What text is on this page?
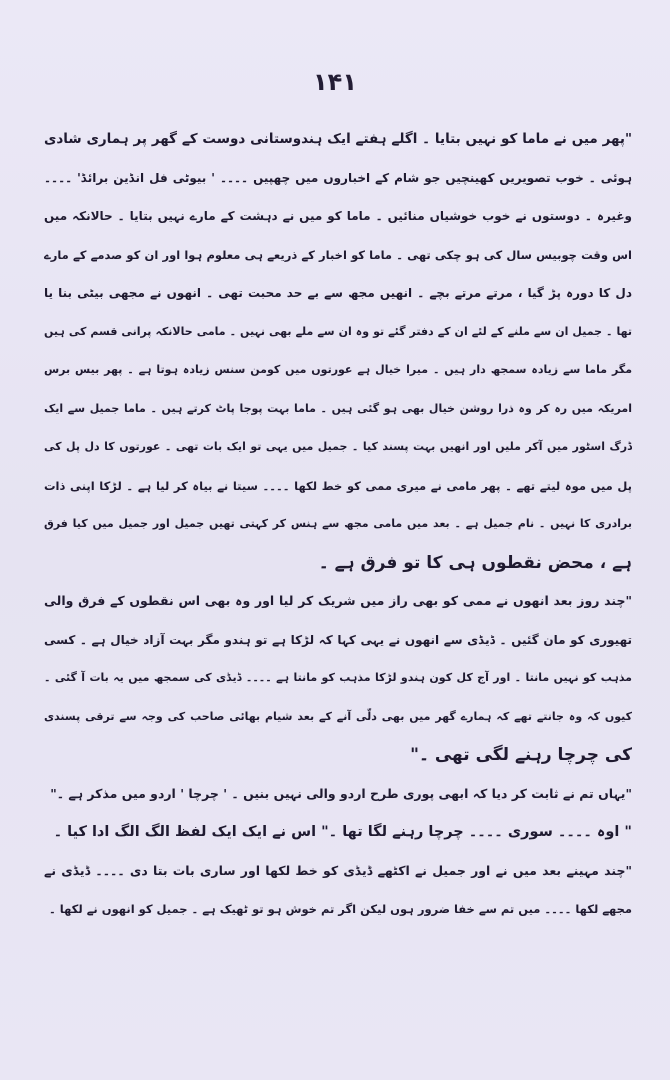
۱۴۱
"پھر میں نے ماما کو نہیں بتایا ۔ اگلے ہفتے ایک ہندوستانی دوست کے گھر پر ہماری شادی
ہوئی ۔ خوب تصویریں کھینچیں جو شام کے اخباروں میں چھپیں ۔۔۔۔ ' بیوٹی فل انڈین برائڈ' ۔۔۔۔
وغیرہ ۔ دوستوں نے خوب خوشیاں منائیں ۔ ماما کو میں نے دہشت کے مارے نہیں بتایا ۔ حالانکہ میں
اس وقت چوبیس سال کی ہو چکی تھی ۔ ماما کو اخبار کے ذریعے ہی معلوم ہوا اور ان کو صدمے کے مارے
دل کا دورہ پڑ گیا ، مرتے مرتے بچے ۔ انھیں مجھ سے بے حد محبت تھی ۔ انھوں نے مجھی بیٹی بنا یا
تھا ۔ جمیل ان سے ملنے کے لئے ان کے دفتر گئے تو وہ ان سے ملے بھی نہیں ۔ مامی حالانکہ پرانی قسم کی ہیں
مگر ماما سے زیادہ سمجھ دار ہیں ۔ میرا خیال ہے عورتوں میں کومن سنس زیادہ ہوتا ہے ۔ پھر بیس برس
امریکہ میں رہ کر وہ ذرا روشن خیال بھی ہو گئی ہیں ۔ ماما بہت پوجا پاٹ کرتے ہیں ۔ ماما جمیل سے ایک
ڈرگ اسٹور میں آکر ملیں اور انھیں بہت پسند کیا ۔ جمیل میں یہی تو ایک بات تھی ۔ عورتوں کا دل پل کی
پل میں موہ لیتے تھے ۔ پھر مامی نے میری ممی کو خط لکھا ۔۔۔۔ سیتا نے بیاہ کر لیا ہے ۔ لڑکا اپنی ذات
برادری کا نہیں ۔ نام جمیل ہے ۔ بعد میں مامی مجھ سے ہنس کر کہتی تھیں جمیل اور جمیل میں کیا فرق
ہے ، محض نقطوں ہی کا تو فرق ہے ۔
"چند روز بعد انھوں نے ممی کو بھی راز میں شریک کر لیا اور وہ بھی اس نقطوں کے فرق والی
تھیوری کو مان گئیں ۔ ڈیڈی سے انھوں نے یہی کہا کہ لڑکا ہے تو ہندو مگر بہت آزاد خیال ہے ۔ کسی
مذہب کو نہیں مانتا ۔ اور آج کل کون ہندو لڑکا مذہب کو مانتا ہے ۔۔۔۔ ڈیڈی کی سمجھ میں یہ بات آ گئی ۔
کیوں کہ وہ جانتے تھے کہ ہمارے گھر میں بھی دلّی آنے کے بعد شیام بھائی صاحب کی وجہ سے ترقی پسندی
کی چرچا رہنے لگی تھی ۔"
"یہاں تم نے ثابت کر دیا کہ ابھی پوری طرح اردو والی نہیں بنیں ۔ ' چرچا ' اردو میں مذکر ہے ۔"
" اوہ ۔۔۔۔ سوری ۔۔۔۔ چرچا رہنے لگا تھا ۔" اس نے ایک ایک لفظ الگ الگ ادا کیا ۔
"چند مہینے بعد میں نے اور جمیل نے اکٹھے ڈیڈی کو خط لکھا اور ساری بات بتا دی ۔۔۔۔ ڈیڈی نے
مجھے لکھا ۔۔۔۔ میں تم سے خفا ضرور ہوں لیکن اگر تم خوش ہو تو ٹھیک ہے ۔ جمیل کو انھوں نے لکھا ۔
